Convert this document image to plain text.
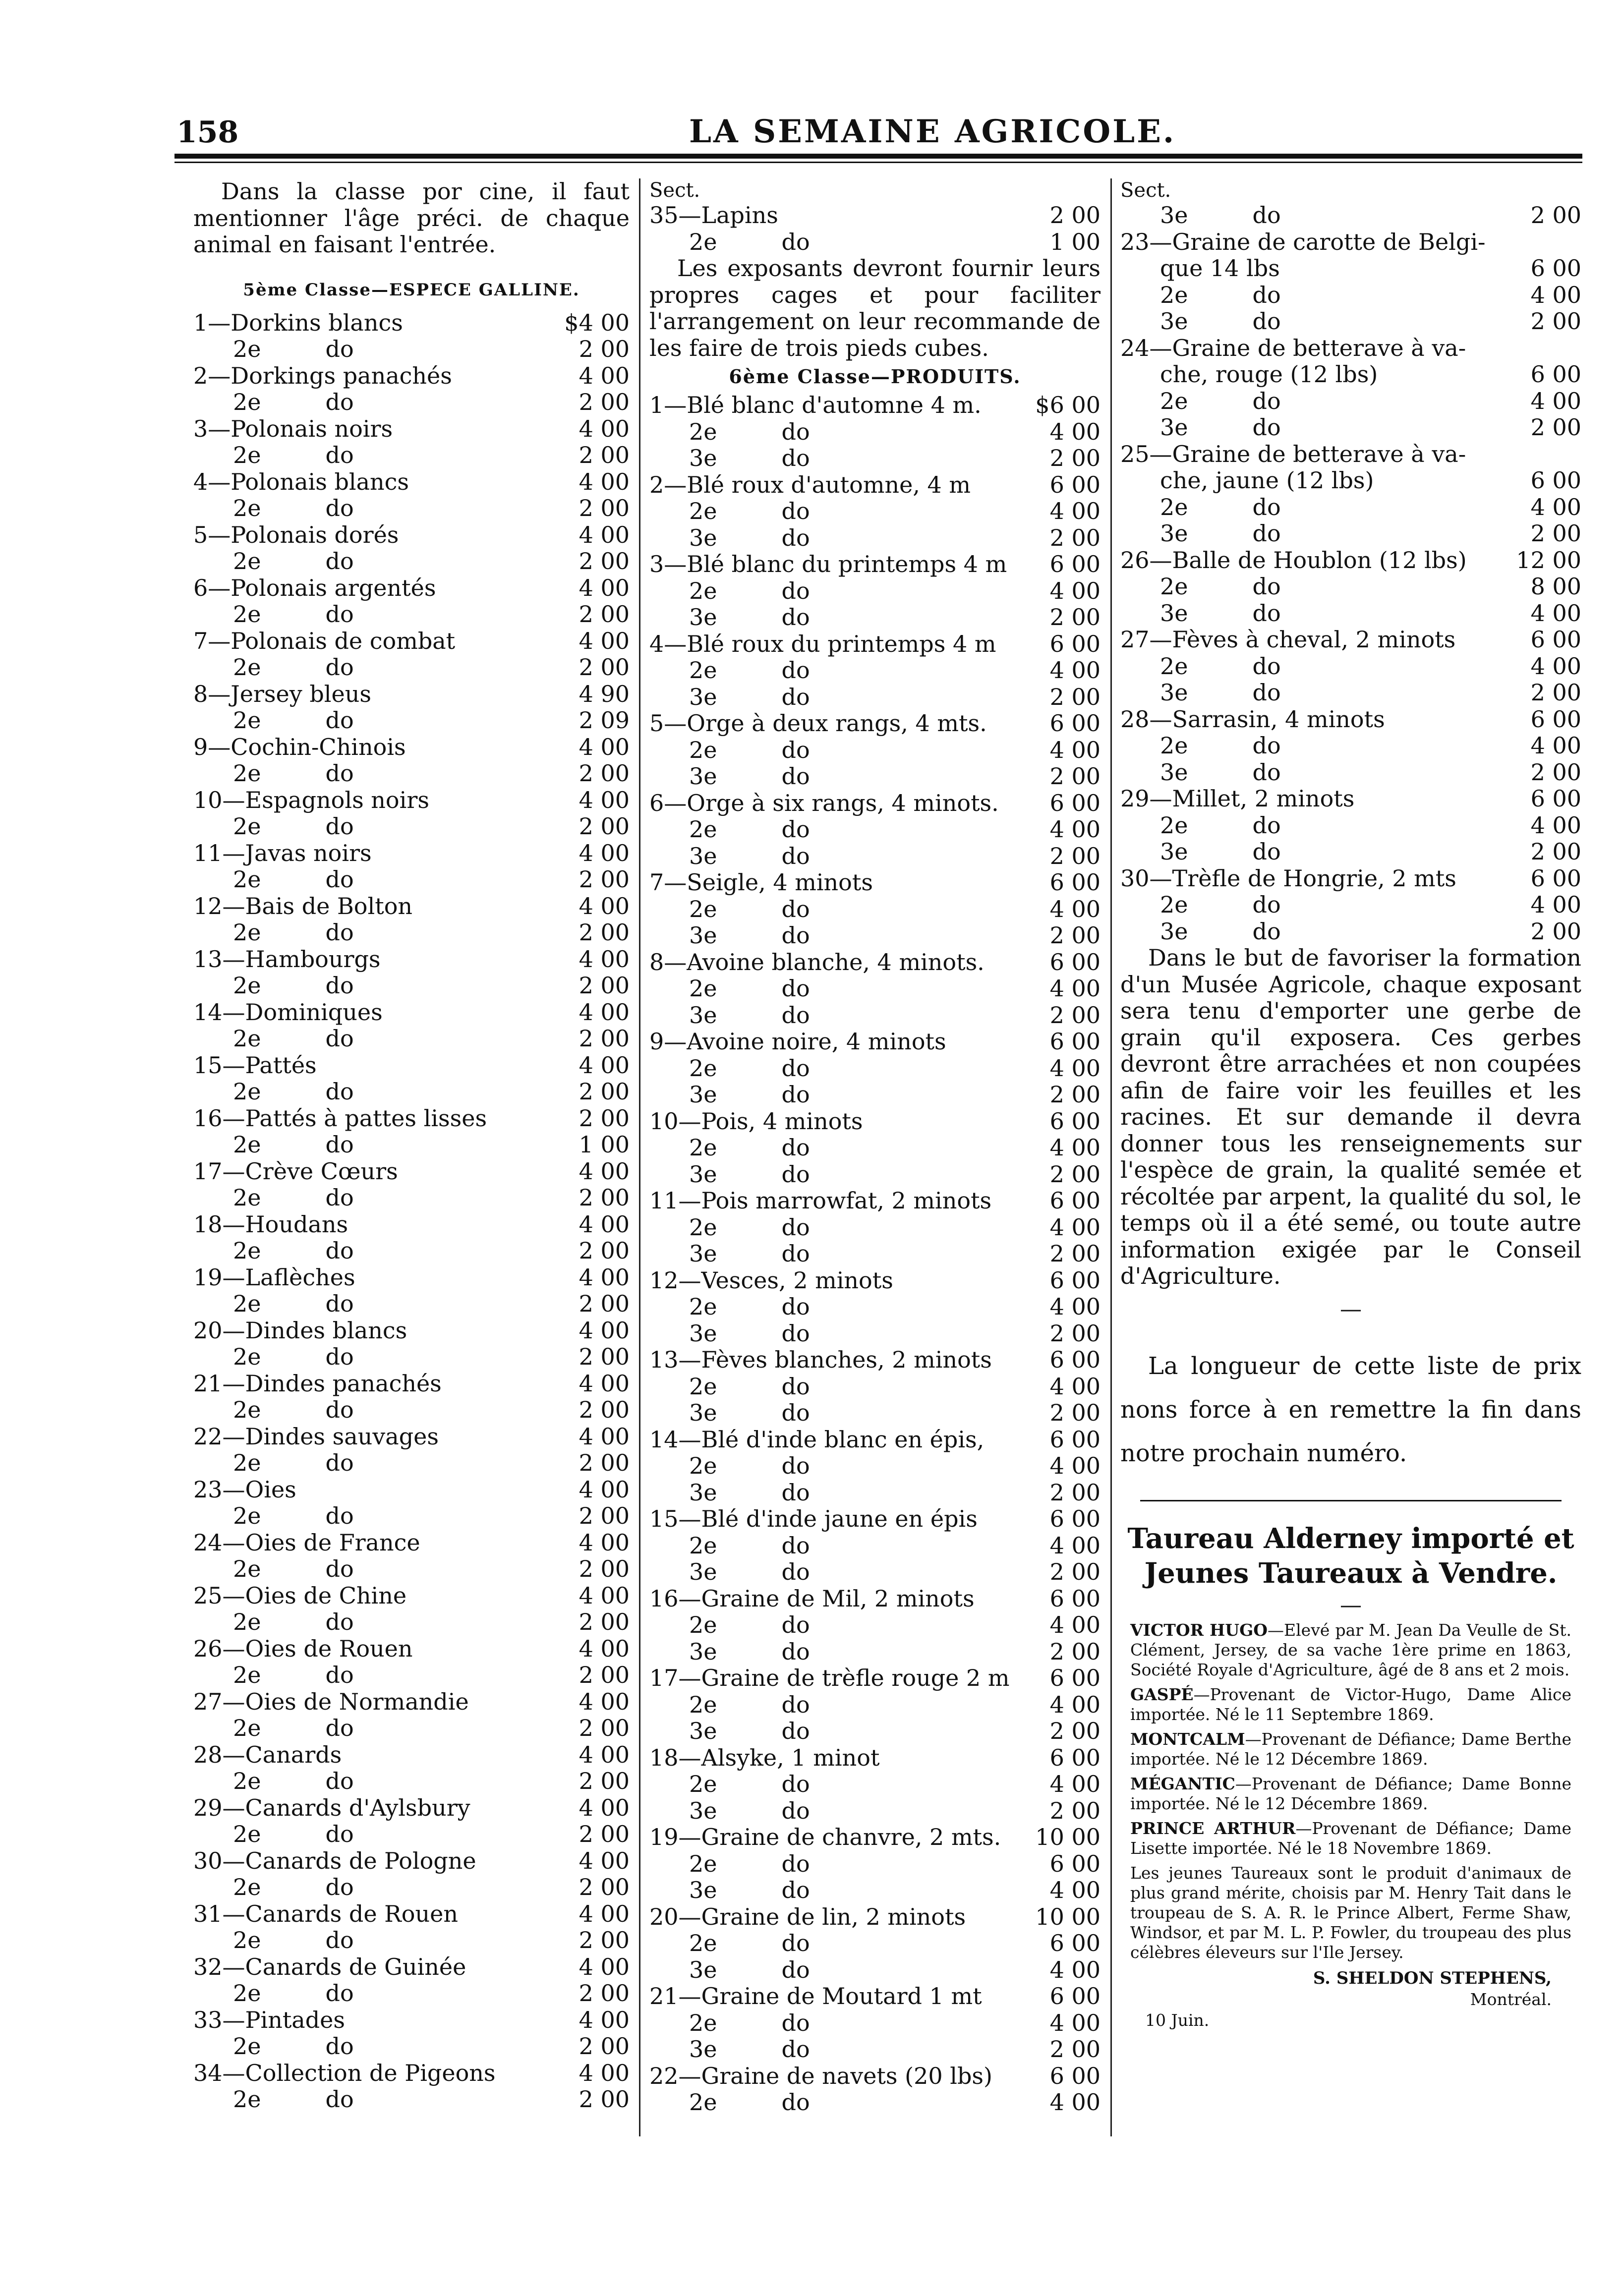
158	LA SEMAINE AGRICOLE.
Dans la classe por cine, il faut mentionner l'âge préci. de chaque animal en faisant l'entrée.
5ème Classe—ESPECE GALLINE.
1—Dorkins blancs	$4 00
2e	do	2 00
2—Dorkings panachés	4 00
2e	do	2 00
3—Polonais noirs	4 00
2e	do	2 00
4—Polonais blancs	4 00
2e	do	2 00
5—Polonais dorés	4 00
2e	do	2 00
6—Polonais argentés	4 00
2e	do	2 00
7—Polonais de combat	4 00
2e	do	2 00
8—Jersey bleus	4 90
2e	do	2 09
9—Cochin-Chinois	4 00
2e	do	2 00
10—Espagnols noirs	4 00
2e	do	2 00
11—Javas noirs	4 00
2e	do	2 00
12—Bais de Bolton	4 00
2e	do	2 00
13—Hambourgs	4 00
2e	do	2 00
14—Dominiques	4 00
2e	do	2 00
15—Pattés	4 00
2e	do	2 00
16—Pattés à pattes lisses	2 00
2e	do	1 00
17—Crève Cœurs	4 00
2e	do	2 00
18—Houdans	4 00
2e	do	2 00
19—Laflèches	4 00
2e	do	2 00
20—Dindes blancs	4 00
2e	do	2 00
21—Dindes panachés	4 00
2e	do	2 00
22—Dindes sauvages	4 00
2e	do	2 00
23—Oies	4 00
2e	do	2 00
24—Oies de France	4 00
2e	do	2 00
25—Oies de Chine	4 00
2e	do	2 00
26—Oies de Rouen	4 00
2e	do	2 00
27—Oies de Normandie	4 00
2e	do	2 00
28—Canards	4 00
2e	do	2 00
29—Canards d'Aylsbury	4 00
2e	do	2 00
30—Canards de Pologne	4 00
2e	do	2 00
31—Canards de Rouen	4 00
2e	do	2 00
32—Canards de Guinée	4 00
2e	do	2 00
33—Pintades	4 00
2e	do	2 00
34—Collection de Pigeons	4 00
2e	do	2 00
Sect.
35—Lapins	2 00
2e	do	1 00
Les exposants devront fournir leurs propres cages et pour faciliter l'arrangement on leur recommande de les faire de trois pieds cubes.
6ème Classe—PRODUITS.
1—Blé blanc d'automne 4 m. $6 00
2e	do	4 00
3e	do	2 00
2—Blé roux d'automne, 4 m	6 00
2e	do	4 00
3e	do	2 00
3—Blé blanc du printemps 4 m 6 00
2e	do	4 00
3e	do	2 00
4—Blé roux du printemps 4 m 6 00
2e	do	4 00
3e	do	2 00
5—Orge à deux rangs, 4 mts.	6 00
2e	do	4 00
3e	do	2 00
6—Orge à six rangs, 4 minots. 6 00
2e	do	4 00
3e	do	2 00
7—Seigle, 4 minots	6 00
2e	do	4 00
3e	do	2 00
8—Avoine blanche, 4 minots.	6 00
2e	do	4 00
3e	do	2 00
9—Avoine noire, 4 minots	6 00
2e	do	4 00
3e	do	2 00
10—Pois, 4 minots	6 00
2e	do	4 00
3e	do	2 00
11—Pois marrowfat, 2 minots	6 00
2e	do	4 00
3e	do	2 00
12—Vesces, 2 minots	6 00
2e	do	4 00
3e	do	2 00
13—Fèves blanches, 2 minots	6 00
2e	do	4 00
3e	do	2 00
14—Blé d'inde blanc en épis,	6 00
2e	do	4 00
3e	do	2 00
15—Blé d'inde jaune en épis	6 00
2e	do	4 00
3e	do	2 00
16—Graine de Mil, 2 minots	6 00
2e	do	4 00
3e	do	2 00
17—Graine de trèfle rouge 2 m 6 00
2e	do	4 00
3e	do	2 00
18—Alsyke, 1 minot	6 00
2e	do	4 00
3e	do	2 00
19—Graine de chanvre, 2 mts. 10 00
2e	do	6 00
3e	do	4 00
20—Graine de lin, 2 minots	10 00
2e	do	6 00
3e	do	4 00
21—Graine de Moutard 1 mt	6 00
2e	do	4 00
3e	do	2 00
22—Graine de navets (20 lbs)	6 00
2e	do	4 00
Sect.
3e	do	2 00
23—Graine de carotte de Belgi-
que 14 lbs	6 00
2e	do	4 00
3e	do	2 00
24—Graine de betterave à va-
che, rouge (12 lbs)	6 00
2e	do	4 00
3e	do	2 00
25—Graine de betterave à va-
che, jaune (12 lbs)	6 00
2e	do	4 00
3e	do	2 00
26—Balle de Houblon (12 lbs) 12 00
2e	do	8 00
3e	do	4 00
27—Fèves à cheval, 2 minots	6 00
2e	do	4 00
3e	do	2 00
28—Sarrasin, 4 minots	6 00
2e	do	4 00
3e	do	2 00
29—Millet, 2 minots	6 00
2e	do	4 00
3e	do	2 00
30—Trèfle de Hongrie, 2 mts	6 00
2e	do	4 00
3e	do	2 00
Dans le but de favoriser la formation d'un Musée Agricole, chaque exposant sera tenu d'emporter une gerbe de grain qu'il exposera. Ces gerbes devront être arrachées et non coupées afin de faire voir les feuilles et les racines. Et sur demande il devra donner tous les renseignements sur l'espèce de grain, la qualité semée et récoltée par arpent, la qualité du sol, le temps où il a été semé, ou toute autre information exigée par le Conseil d'Agriculture.
—
La longueur de cette liste de prix nons force à en remettre la fin dans notre prochain numéro.
Taureau Alderney importé et Jeunes Taureaux à Vendre.
—
VICTOR HUGO—Elevé par M. Jean Da Veulle de St. Clément, Jersey, de sa vache 1ère prime en 1863, Société Royale d'Agriculture, âgé de 8 ans et 2 mois.
GASPÉ—Provenant de Victor-Hugo, Dame Alice importée. Né le 11 Septembre 1869.
MONTCALM—Provenant de Défiance; Dame Berthe importée. Né le 12 Décembre 1869.
MÉGANTIC—Provenant de Défiance; Dame Bonne importée. Né le 12 Décembre 1869.
PRINCE ARTHUR—Provenant de Défiance; Dame Lisette importée. Né le 18 Novembre 1869.
Les jeunes Taureaux sont le produit d'animaux de plus grand mérite, choisis par M. Henry Tait dans le troupeau de S. A. R. le Prince Albert, Ferme Shaw, Windsor, et par M. L. P. Fowler, du troupeau des plus célèbres éleveurs sur l'Ile Jersey.
S. SHELDON STEPHENS,
Montréal.
10 Juin.
